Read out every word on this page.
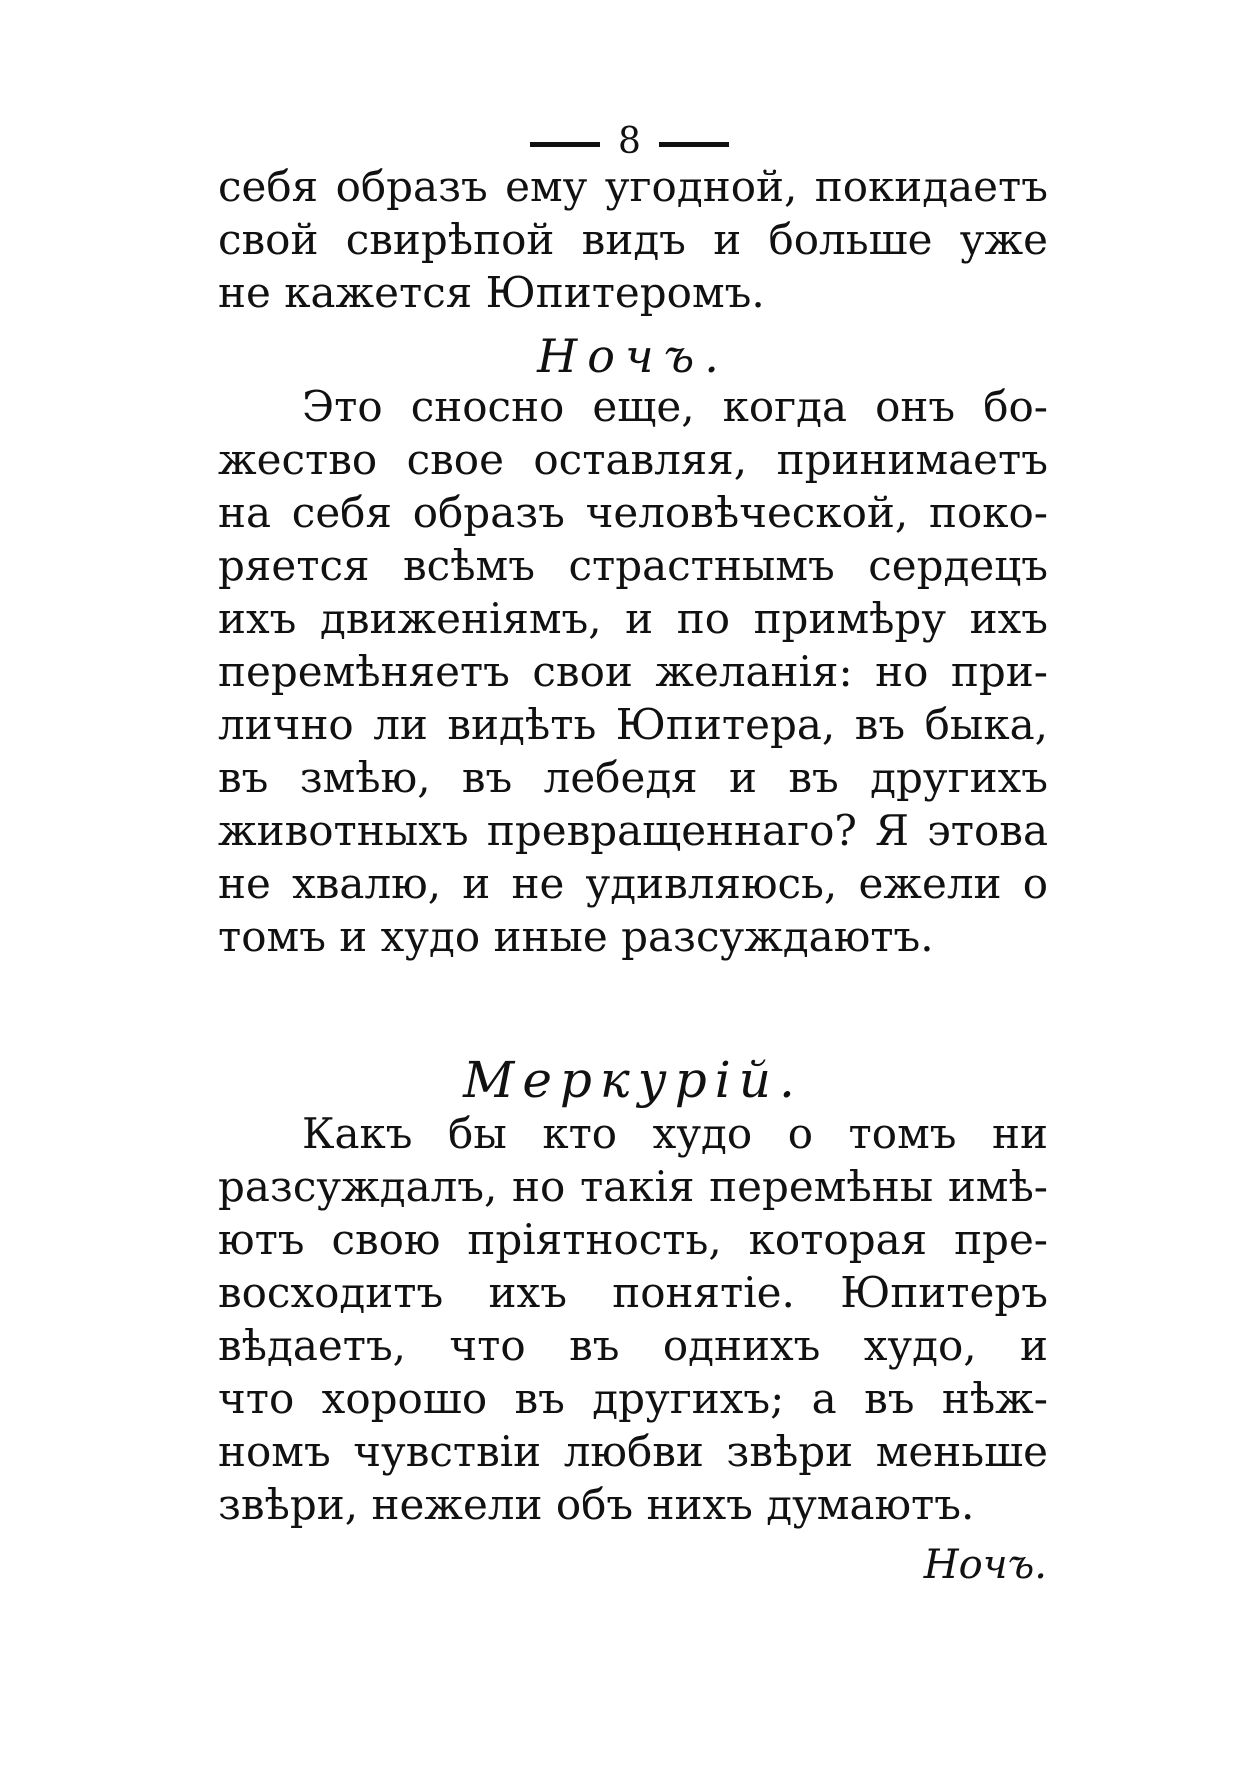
8
себя образъ ему угодной, покидаетъ
свой свирѣпой видъ и больше уже
не кажется Юпитеромъ.
Ночъ.
Это сносно еще, когда онъ бо-
жество свое оставляя, принимаетъ
на себя образъ человѣческой, поко-
ряется всѣмъ страстнымъ сердецъ
ихъ движеніямъ, и по примѣру ихъ
перемѣняетъ свои желанія: но при-
лично ли видѣть Юпитера, въ быка,
въ змѣю, въ лебедя и въ другихъ
животныхъ превращеннаго? Я этова
не хвалю, и не удивляюсь, ежели о
томъ и худо иные разсуждаютъ.
Меркурій.
Какъ бы кто худо о томъ ни
разсуждалъ, но такія перемѣны имѣ-
ютъ свою пріятность, которая пре-
восходитъ ихъ понятіе. Юпитеръ
вѣдаетъ, что въ однихъ худо, и
что хорошо въ другихъ; а въ нѣж-
номъ чувствіи любви звѣри меньше
звѣри, нежели объ нихъ думаютъ.
Ночъ.
